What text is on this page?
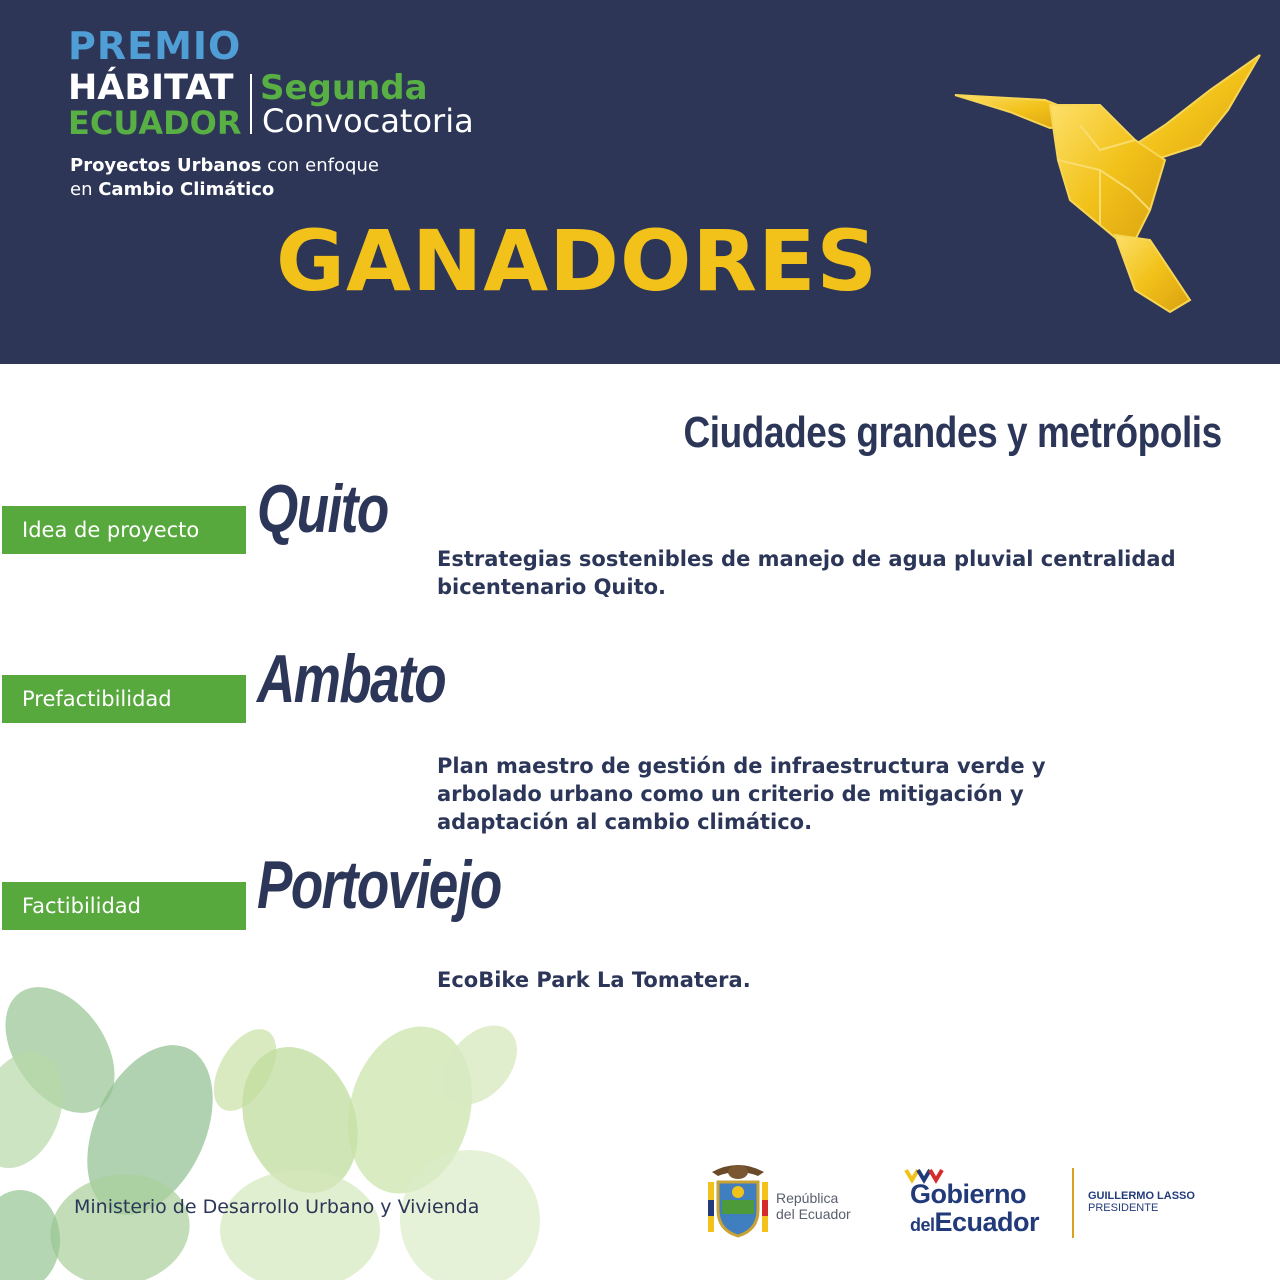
PREMIO
HÁBITAT
ECUADOR
Segunda
Convocatoria
Proyectos Urbanos con enfoque
en Cambio Climático
GANADORES
Ciudades grandes y metrópolis
Idea de proyecto Quito
Estrategias sostenibles de manejo de agua pluvial centralidad bicentenario Quito.
Prefactibilidad	Ambato
Plan maestro de gestión de infraestructura verde y arbolado urbano como un criterio de mitigación y adaptación al cambio climático.
Factibilidad	Portoviejo
EcoBike Park La Tomatera.
Ministerio de Desarrollo Urbano y Vivienda	República
del Ecuador
Gobierno
delEcuador
GUILLERMO LASSO
PRESIDENTE
